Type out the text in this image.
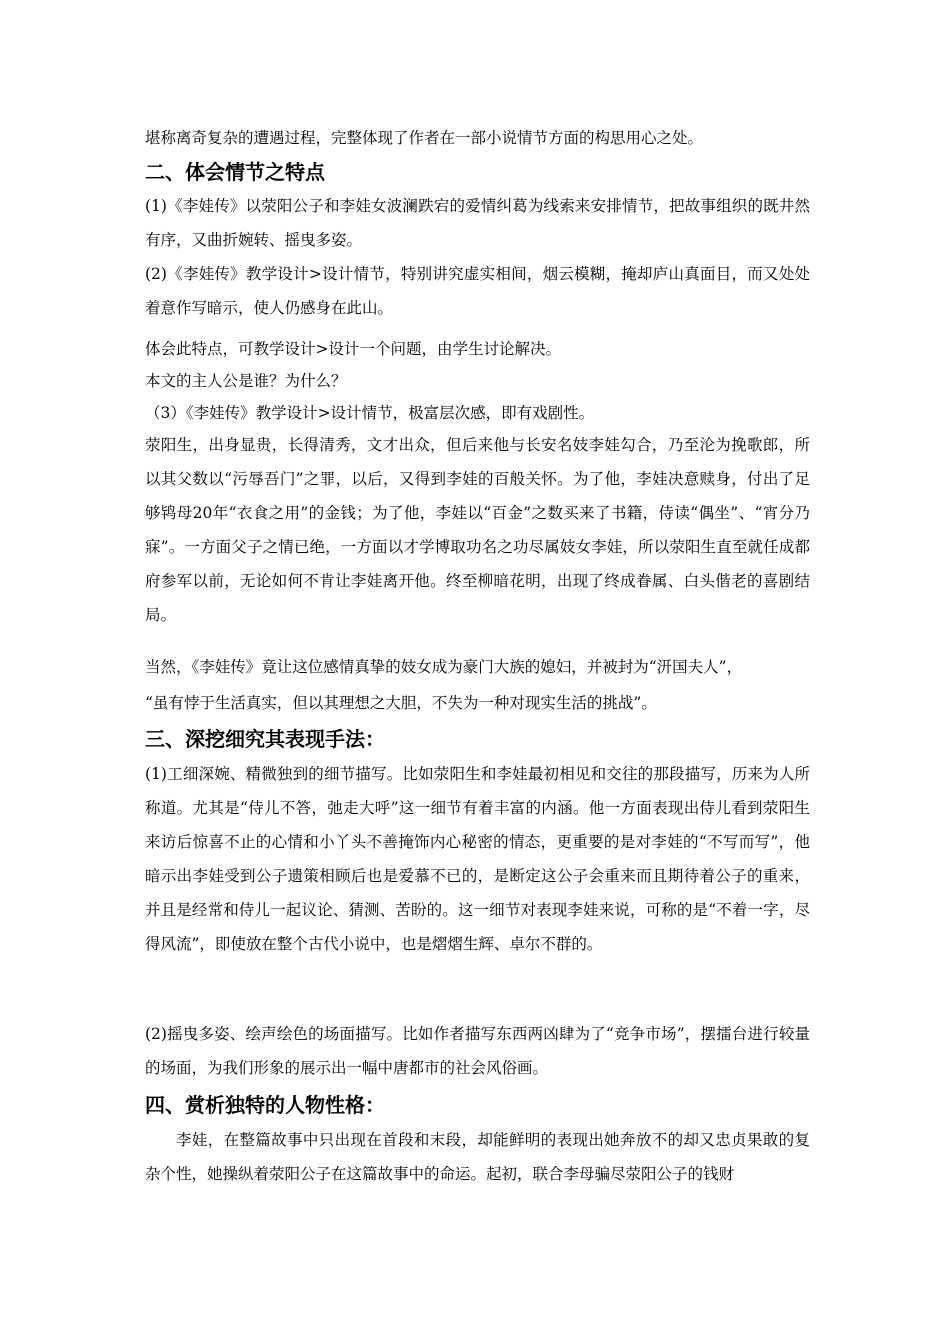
堪称离奇复杂的遭遇过程，完整体现了作者在一部小说情节方面的构思用心之处。
二、体会情节之特点
(1)《李娃传》以荥阳公子和李娃女波澜跌宕的爱情纠葛为线索来安排情节，把故事组织的既井然有序，又曲折婉转、摇曳多姿。
(2)《李娃传》教学设计>设计情节，特别讲究虚实相间，烟云模糊，掩却庐山真面目，而又处处着意作写暗示，使人仍感身在此山。
体会此特点，可教学设计>设计一个问题，由学生讨论解决。
本文的主人公是谁？为什么？
（3）《李娃传》教学设计>设计情节，极富层次感，即有戏剧性。
荥阳生，出身显贵，长得清秀，文才出众，但后来他与长安名妓李娃勾合，乃至沦为挽歌郎，所以其父数以“污辱吾门”之罪，以后，又得到李娃的百般关怀。为了他，李娃决意赎身，付出了足够鸨母20年“衣食之用”的金钱；为了他，李娃以“百金”之数买来了书籍，侍读“偶坐”、“宵分乃寐”。一方面父子之情已绝，一方面以才学博取功名之功尽属妓女李娃，所以荥阳生直至就任成都府参军以前，无论如何不肯让李娃离开他。终至柳暗花明，出现了终成眷属、白头偕老的喜剧结局。
当然，《李娃传》竟让这位感情真挚的妓女成为豪门大族的媳妇，并被封为“汧国夫人”，
“虽有悖于生活真实，但以其理想之大胆，不失为一种对现实生活的挑战”。
三、深挖细究其表现手法：
(1)工细深婉、精微独到的细节描写。比如荥阳生和李娃最初相见和交往的那段描写，历来为人所称道。尤其是“侍儿不答，弛走大呼”这一细节有着丰富的内涵。他一方面表现出侍儿看到荥阳生来访后惊喜不止的心情和小丫头不善掩饰内心秘密的情态，更重要的是对李娃的“不写而写”，他暗示出李娃受到公子遗策相顾后也是爱慕不已的，是断定这公子会重来而且期待着公子的重来，并且是经常和侍儿一起议论、猜测、苦盼的。这一细节对表现李娃来说，可称的是“不着一字，尽得风流”，即使放在整个古代小说中，也是熠熠生辉、卓尔不群的。
(2)摇曳多姿、绘声绘色的场面描写。比如作者描写东西两凶肆为了“竞争市场”，摆擂台进行较量的场面，为我们形象的展示出一幅中唐都市的社会风俗画。
四、赏析独特的人物性格：
李娃，在整篇故事中只出现在首段和末段，却能鲜明的表现出她奔放不的却又忠贞果敢的复杂个性，她操纵着荥阳公子在这篇故事中的命运。起初，联合李母骗尽荥阳公子的钱财
